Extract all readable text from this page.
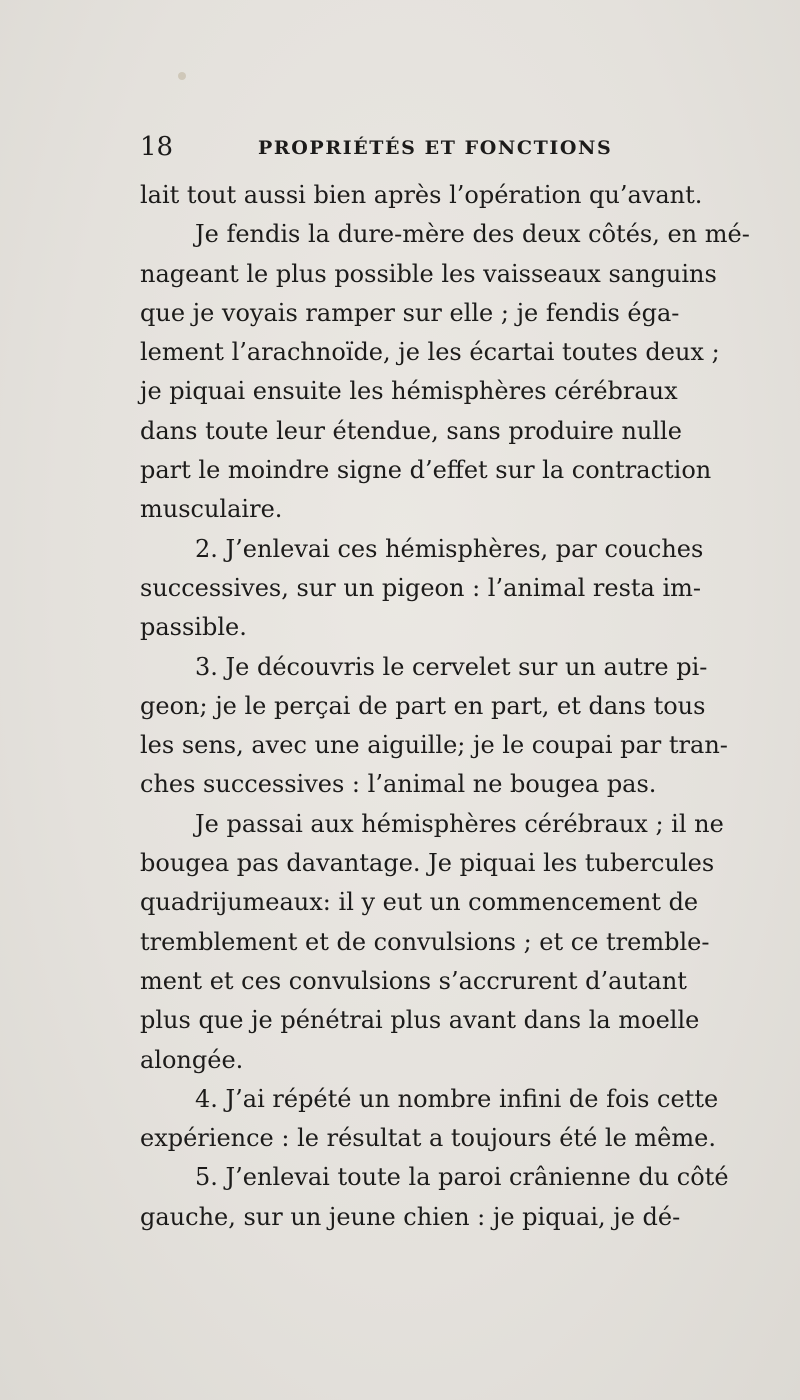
18	PROPRIÉTÉS ET FONCTIONS
lait tout aussi bien après l’opération qu’avant.
Je fendis la dure-mère des deux côtés, en mé-
nageant le plus possible les vaisseaux sanguins
que je voyais ramper sur elle ; je fendis éga-
lement l’arachnoïde, je les écartai toutes deux ;
je piquai ensuite les hémisphères cérébraux
dans toute leur étendue, sans produire nulle
part le moindre signe d’effet sur la contraction
musculaire.
2. J’enlevai ces hémisphères, par couches
successives, sur un pigeon : l’animal resta im-
passible.
3. Je découvris le cervelet sur un autre pi-
geon; je le perçai de part en part, et dans tous
les sens, avec une aiguille; je le coupai par tran-
ches successives : l’animal ne bougea pas.
Je passai aux hémisphères cérébraux ; il ne
bougea pas davantage. Je piquai les tubercules
quadrijumeaux: il y eut un commencement de
tremblement et de convulsions ; et ce tremble-
ment et ces convulsions s’accrurent d’autant
plus que je pénétrai plus avant dans la moelle
alongée.
4. J’ai répété un nombre infini de fois cette
expérience : le résultat a toujours été le même.
5. J’enlevai toute la paroi crânienne du côté
gauche, sur un jeune chien : je piquai, je dé-
